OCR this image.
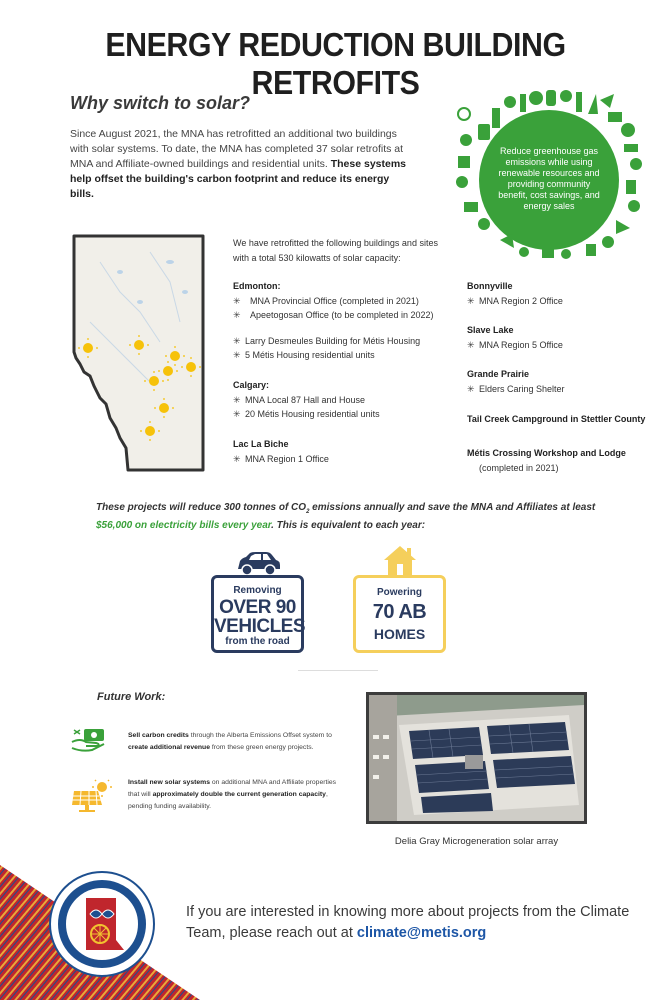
ENERGY REDUCTION BUILDING RETROFITS
Why switch to solar?
Since August 2021, the MNA has retrofitted an additional two buildings with solar systems. To date, the MNA has completed 37 solar retrofits at MNA and Affiliate-owned buildings and residential units. These systems help offset the building's carbon footprint and reduce its energy bills.
Reduce greenhouse gas emissions while using renewable resources and providing community benefit, cost savings, and energy sales
We have retrofitted the following buildings and sites with a total 530 kilowatts of solar capacity:
Edmonton:
✳ MNA Provincial Office (completed in 2021)
✳ Apeetogosan Office (to be completed in 2022)
✳ Larry Desmeules Building for Métis Housing
✳ 5 Métis Housing residential units
Calgary:
✳ MNA Local 87 Hall and House
✳ 20 Métis Housing residential units
Lac La Biche
✳ MNA Region 1 Office
Bonnyville
✳ MNA Region 2 Office
Slave Lake
✳ MNA Region 5 Office
Grande Prairie
✳ Elders Caring Shelter
Tail Creek Campground in Stettler County
Métis Crossing Workshop and Lodge
(completed in 2021)
These projects will reduce 300 tonnes of $CO_2$ emissions annually and save the MNA and Affiliates at least $56,000 on electricity bills every year. This is equivalent to each year:
Removing
OVER 90
VEHICLES
from the road
Powering
70 AB
HOMES
Future Work:
Sell carbon credits through the Alberta Emissions Offset system to create additional revenue from these green energy projects.
Install new solar systems on additional MNA and Affiliate properties that will approximately double the current generation capacity, pending funding availability.
Delia Gray Microgeneration solar array
If you are interested in knowing more about projects from the Climate Team, please reach out at climate@metis.org
